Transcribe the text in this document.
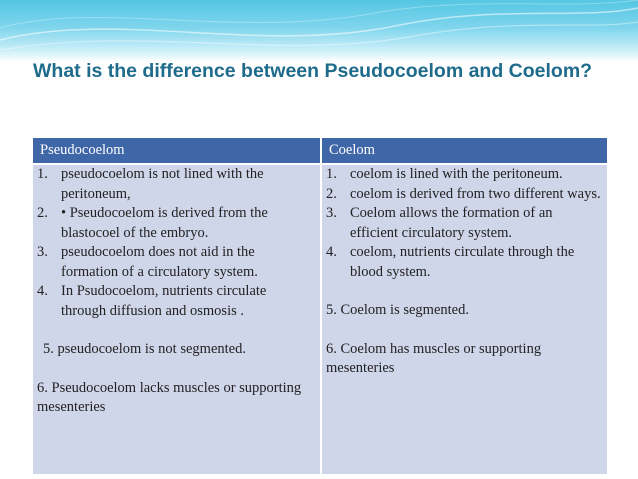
What is the difference between Pseudocoelom and Coelom?
Pseudocoelom	Coelom
1. pseudocoelom is not lined with the peritoneum,
2. • Pseudocoelom is derived from the blastocoel of the embryo.
3. pseudocoelom does not aid in the formation of a circulatory system.
4. In Psudocoelom, nutrients circulate through diffusion and osmosis .
5. pseudocoelom is not segmented.
6. Pseudocoelom lacks muscles or supporting mesenteries
1. coelom is lined with the peritoneum.
2. coelom is derived from two different ways.
3. Coelom allows the formation of an efficient circulatory system.
4. coelom, nutrients circulate through the blood system.
5. Coelom is segmented.
6. Coelom has muscles or supporting mesenteries
